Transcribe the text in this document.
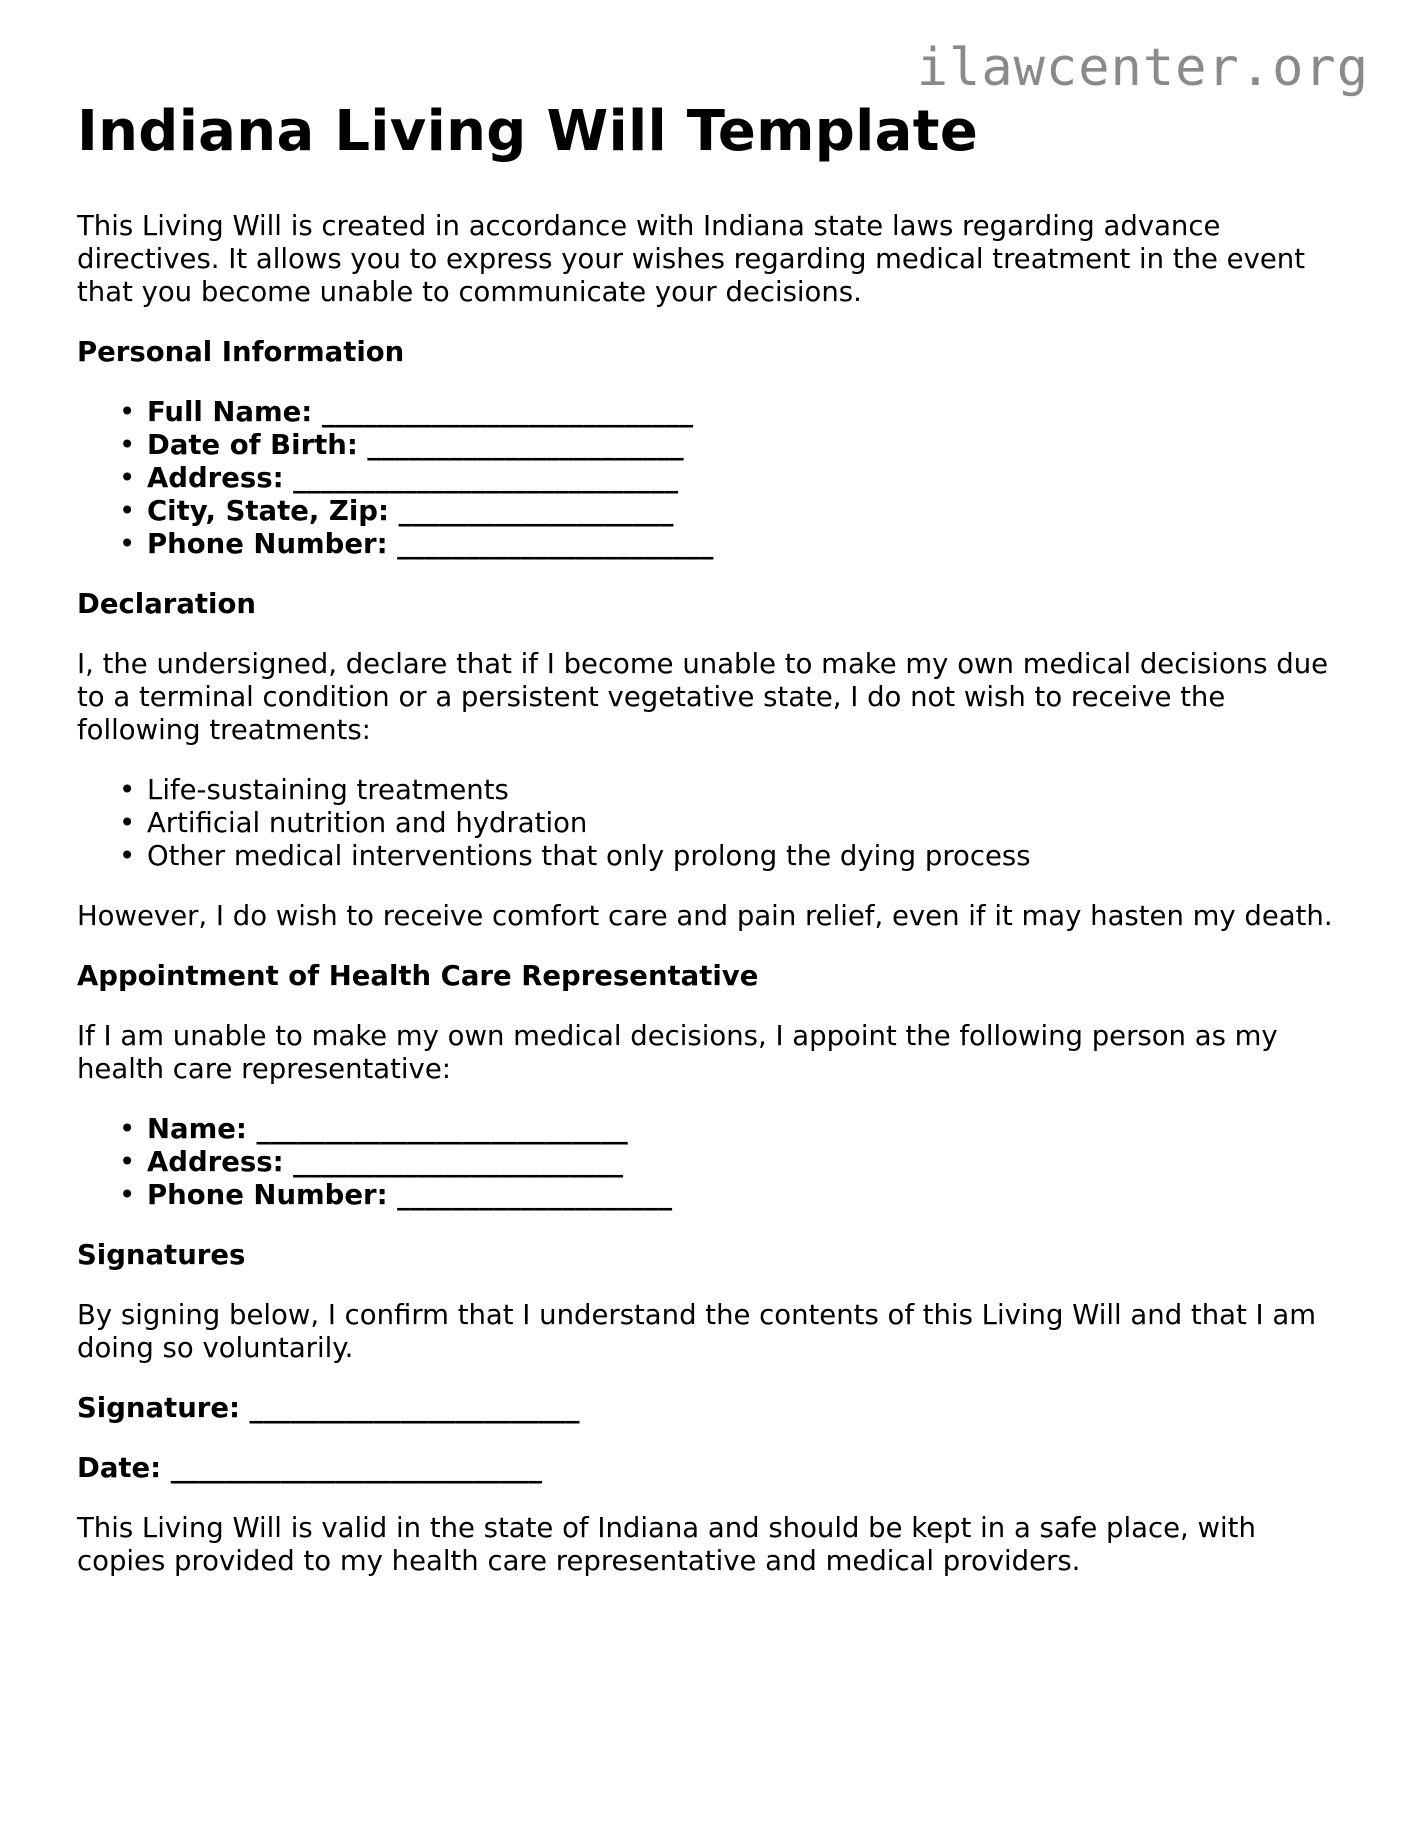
ilawcenter.org
Indiana Living Will Template

This Living Will is created in accordance with Indiana state laws regarding advance directives. It allows you to express your wishes regarding medical treatment in the event that you become unable to communicate your decisions.

Personal Information
• Full Name: ___________________________
• Date of Birth: _______________________
• Address: ____________________________
• City, State, Zip: ____________________
• Phone Number: _______________________
Declaration

I, the undersigned, declare that if I become unable to make my own medical decisions due to a terminal condition or a persistent vegetative state, I do not wish to receive the following treatments:

• Life-sustaining treatments
• Artificial nutrition and hydration
• Other medical interventions that only prolong the dying process

However, I do wish to receive comfort care and pain relief, even if it may hasten my death.

Appointment of Health Care Representative

If I am unable to make my own medical decisions, I appoint the following person as my health care representative:

• Name: ___________________________
• Address: ________________________
• Phone Number: ____________________
Signatures

By signing below, I confirm that I understand the contents of this Living Will and that I am doing so voluntarily.

Signature: ________________________
Date: ___________________________

This Living Will is valid in the state of Indiana and should be kept in a safe place, with copies provided to my health care representative and medical providers.
